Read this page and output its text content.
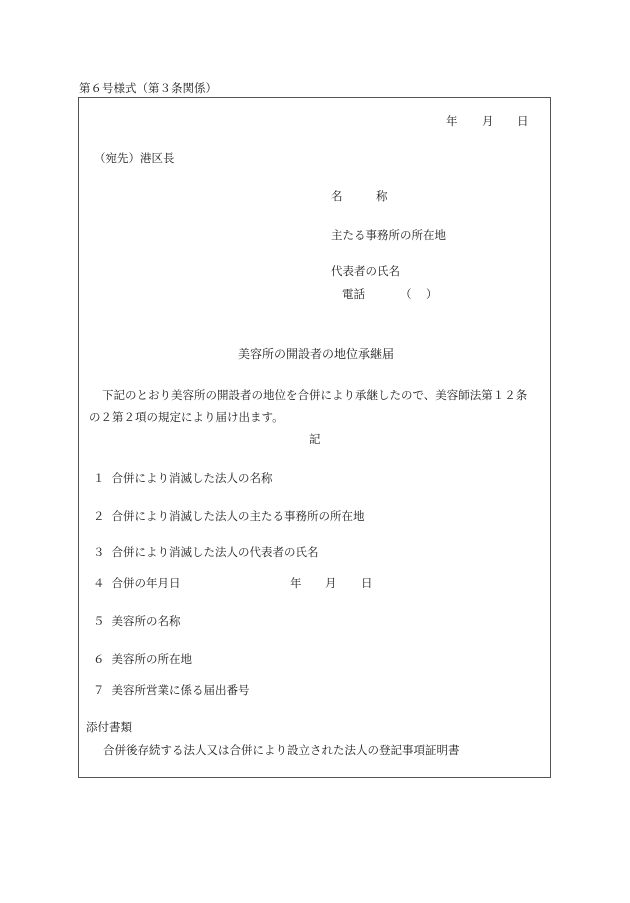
第６号様式（第３条関係）
年 月 日
（宛先）港区長
名	称
主たる事務所の所在地
代表者の氏名
電話	（ ）
美容所の開設者の地位承継届
下記のとおり美容所の開設者の地位を合併により承継したので、美容師法第１２条
の２第２項の規定により届け出ます。
記
１ 合併により消滅した法人の名称
２ 合併により消滅した法人の主たる事務所の所在地
３ 合併により消滅した法人の代表者の氏名
４ 合併の年月日	年 月 日
５ 美容所の名称
６ 美容所の所在地
７ 美容所営業に係る届出番号
添付書類
合併後存続する法人又は合併により設立された法人の登記事項証明書
